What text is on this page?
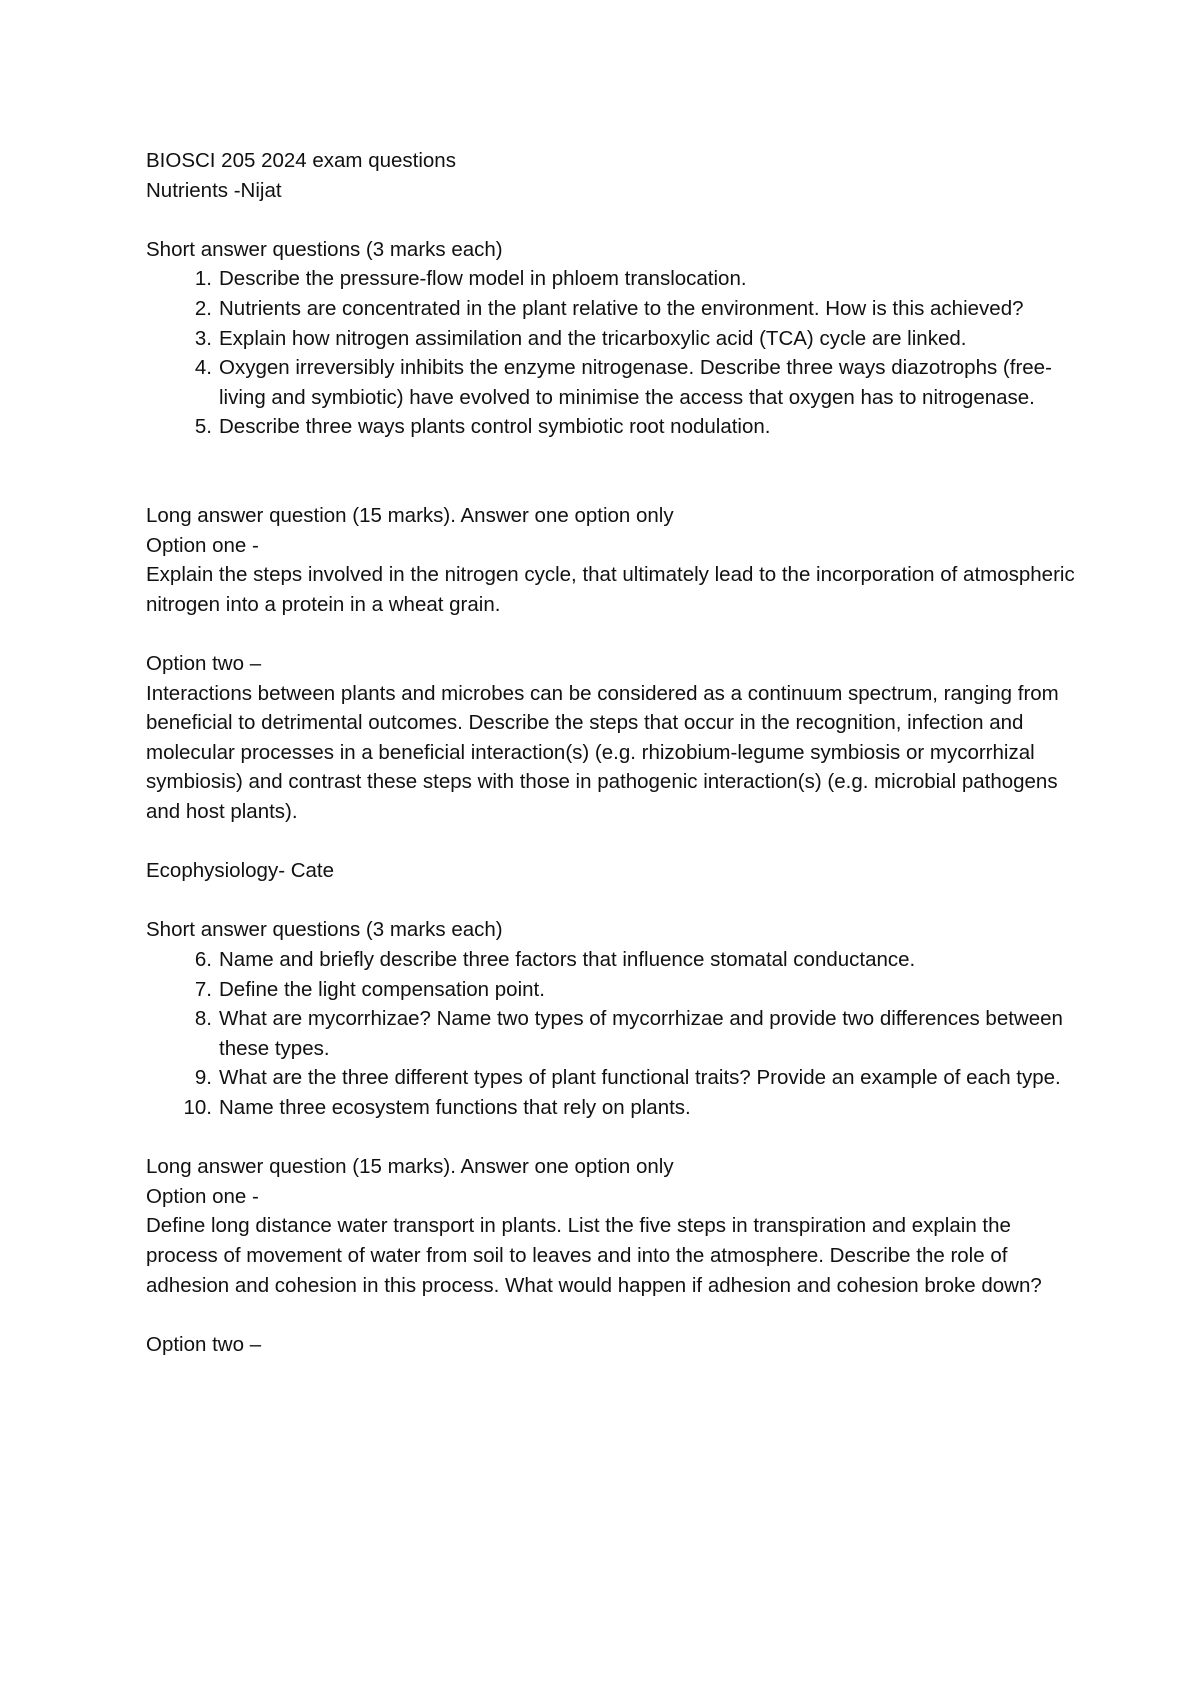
BIOSCI 205 2024 exam questions
Nutrients -Nijat
Short answer questions (3 marks each)
1. Describe the pressure-flow model in phloem translocation.
2. Nutrients are concentrated in the plant relative to the environment. How is this achieved?
3. Explain how nitrogen assimilation and the tricarboxylic acid (TCA) cycle are linked.
4. Oxygen irreversibly inhibits the enzyme nitrogenase. Describe three ways diazotrophs (free-living and symbiotic) have evolved to minimise the access that oxygen has to nitrogenase.
5. Describe three ways plants control symbiotic root nodulation.
Long answer question (15 marks). Answer one option only
Option one -
Explain the steps involved in the nitrogen cycle, that ultimately lead to the incorporation of atmospheric nitrogen into a protein in a wheat grain.
Option two –
Interactions between plants and microbes can be considered as a continuum spectrum, ranging from beneficial to detrimental outcomes. Describe the steps that occur in the recognition, infection and molecular processes in a beneficial interaction(s) (e.g. rhizobium-legume symbiosis or mycorrhizal symbiosis) and contrast these steps with those in pathogenic interaction(s) (e.g. microbial pathogens and host plants).
Ecophysiology- Cate
Short answer questions (3 marks each)
6. Name and briefly describe three factors that influence stomatal conductance.
7. Define the light compensation point.
8. What are mycorrhizae? Name two types of mycorrhizae and provide two differences between these types.
9. What are the three different types of plant functional traits? Provide an example of each type.
10. Name three ecosystem functions that rely on plants.
Long answer question (15 marks). Answer one option only
Option one -
Define long distance water transport in plants. List the five steps in transpiration and explain the process of movement of water from soil to leaves and into the atmosphere. Describe the role of adhesion and cohesion in this process. What would happen if adhesion and cohesion broke down?
Option two –
